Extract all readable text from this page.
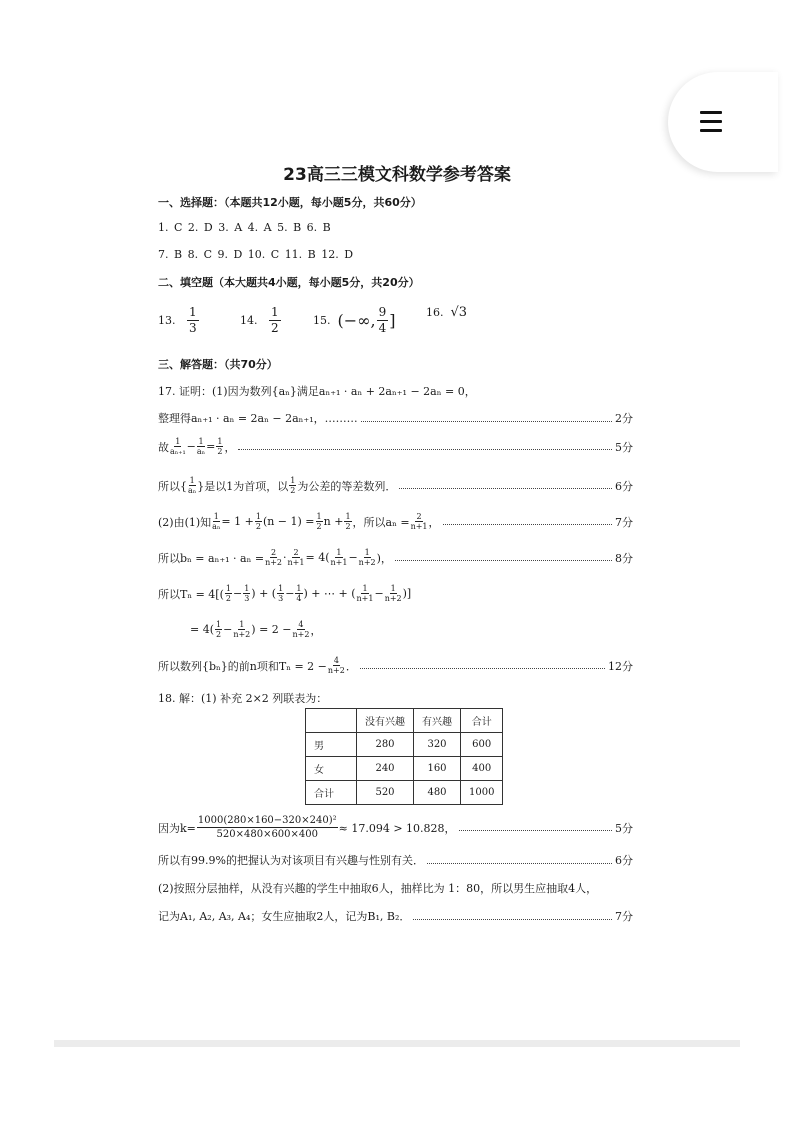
23高三三模文科数学参考答案
一、选择题：（本题共12小题，每小题5分，共60分）
1. C 2. D 3. A 4. A 5. B 6. B
7. B 8. C 9. D 10. C 11. B 12. D
二、填空题（本大题共4小题，每小题5分，共20分）
13.
$\frac{1}{3}$	14.
$\frac{1}{2}$	15.
(−∞, $\frac{9}{4}$ ]	16.
√3
三、解答题：（共70分）
17. 证明：(1)因为数列{aₙ}满足aₙ₊₁ · aₙ + 2aₙ₊₁ − 2aₙ = 0，
整理得aₙ₊₁ · aₙ = 2aₙ − 2aₙ₊₁，………	2分
故 $\frac{1}{\text{aₙ₊₁}} - \frac{1}{\text{aₙ}} = \frac{1}{2}$ ，	5分
所以{ $\frac{1}{\text{aₙ}}$ }是以1为首项，以 $\frac{1}{2}$ 为公差的等差数列．	6分
(2)由(1)知 $\frac{1}{\text{aₙ}} = 1 + \frac{1}{2} (n - 1) = \frac{1}{2}$ $n + \frac{1}{2}$ ，所以$a_n = \frac{2}{n+1}$ ，	7分
所以$b_n = a_{n+1} \cdot a_n = \frac{2}{n+2} \cdot \frac{2}{n+1} = 4( \frac{1}{n+1} - \frac{1}{n+2}$ )，	8分
所以$T_n = 4[( \frac{1}{2} - \frac{1}{3}$ ) + ( $\frac{1}{3} - \frac{1}{4}$ ) + ⋯ + ( $\frac{1}{n+1} - \frac{1}{n+2}$ )]
= $4( \frac{1}{2} - \frac{1}{n+2}$ ) = $2 - \frac{4}{n+2}$ ，
所以数列{bₙ}的前n项和$T_n = 2 - \frac{4}{n+2}$ ．	12分
18. 解：(1) 补充 2×2 列联表为：
	没有兴趣	有兴趣	合计
男	280	320	600
女	240	160	400
合计	520	480	1000
因为$k= \frac{\text{1000(280×160−320×240)²}}{520\times 480\times 600\times 400} \approx 17.094 > 10.828$，	5分
所以有99.9%的把握认为对该项目有兴趣与性别有关．	6分
(2)按照分层抽样，从没有兴趣的学生中抽取6人，抽样比为 1：80，所以男生应抽取4人，
记为A₁, A₂, A₃, A₄；女生应抽取2人，记为B₁, B₂．	7分
